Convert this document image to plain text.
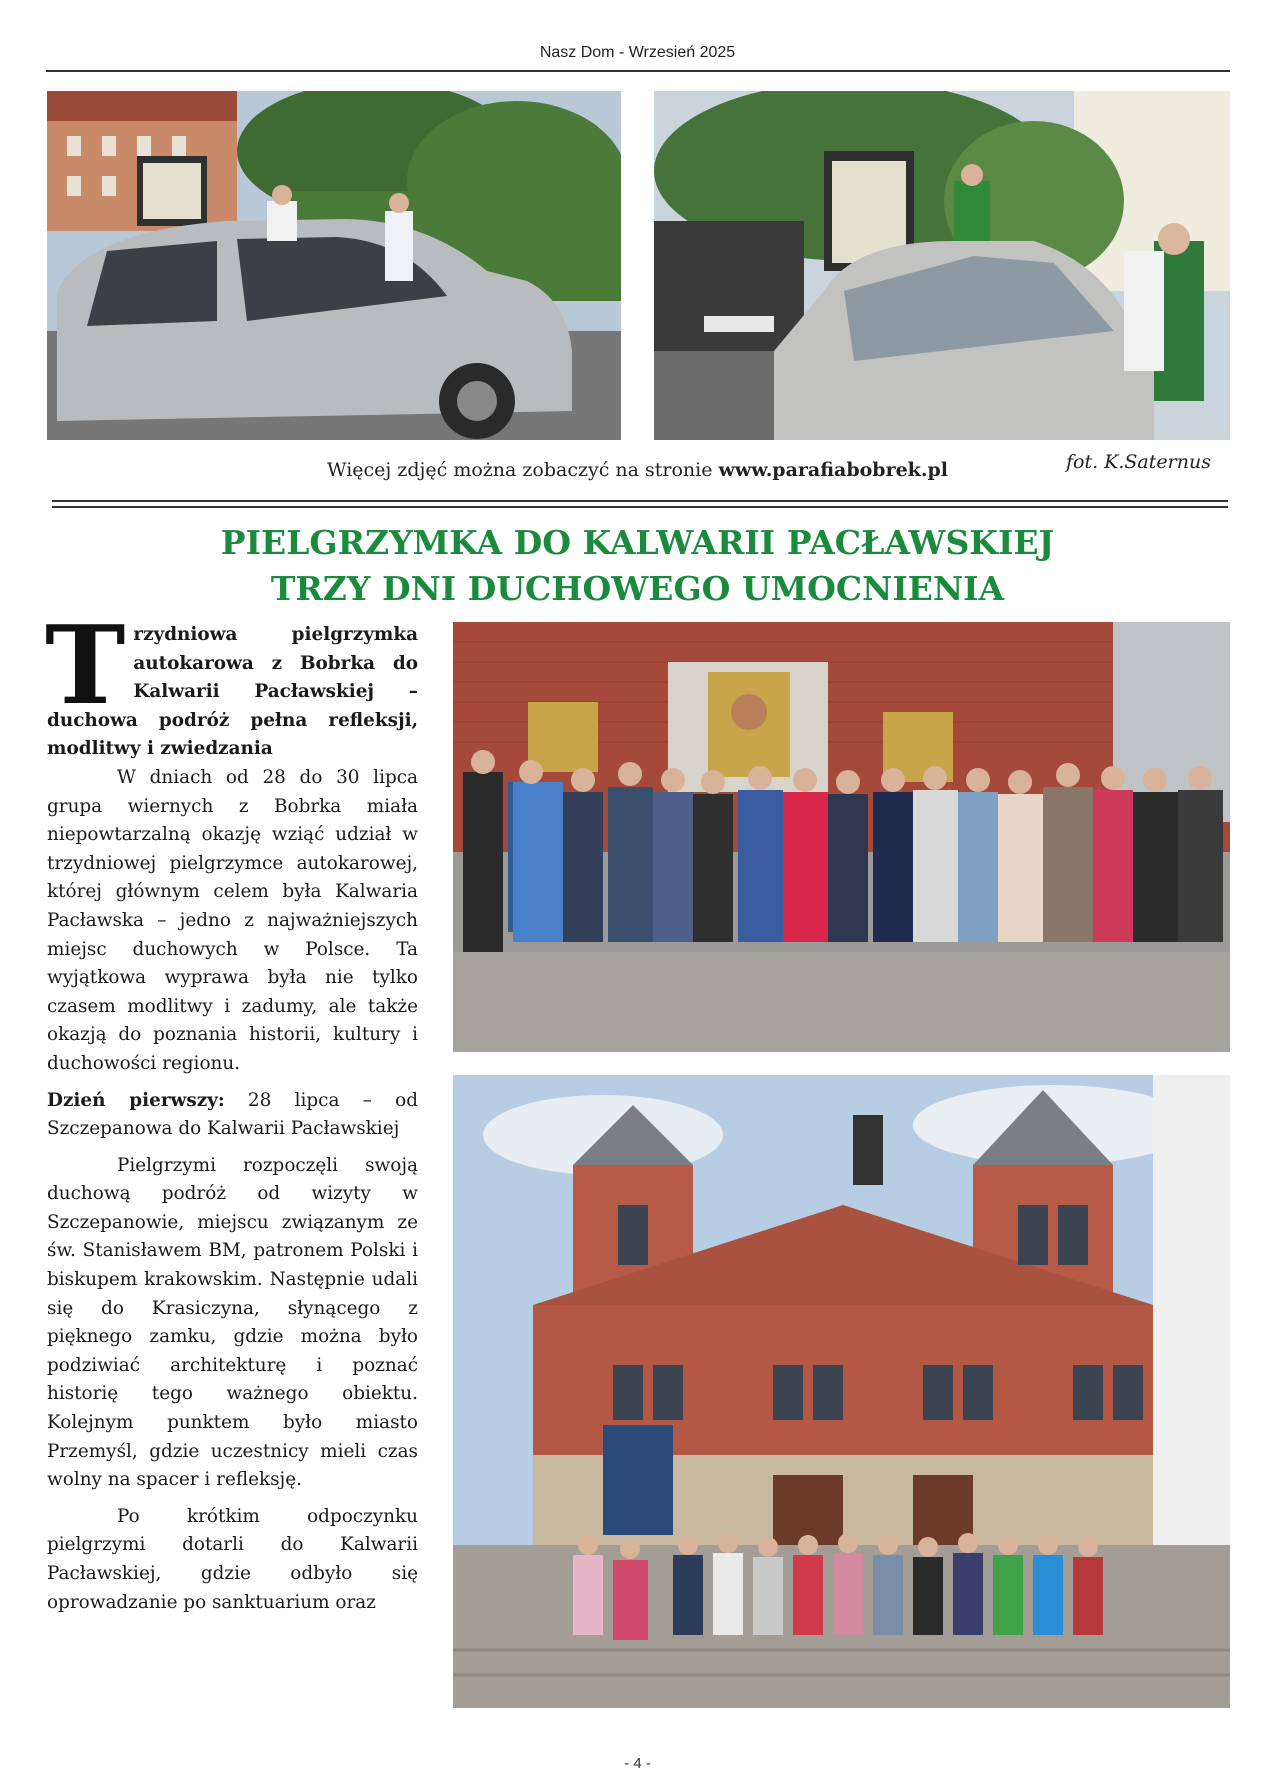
Nasz Dom - Wrzesień 2025
Więcej zdjęć można zobaczyć na stronie www.parafiabobrek.pl	fot. K.Saternus
PIELGRZYMKA DO KALWARII PACŁAWSKIEJ
TRZY DNI DUCHOWEGO UMOCNIENIA

Trzydniowa pielgrzymka autokarowa z Bobrka do Kalwarii Pacławskiej – duchowa podróż pełna refleksji, modlitwy i zwiedzania

W dniach od 28 do 30 lipca grupa wiernych z Bobrka miała niepowtarzalną okazję wziąć udział w trzydniowej pielgrzymce autokarowej, której głównym celem była Kalwaria Pacławska – jedno z najważniejszych miejsc duchowych w Polsce. Ta wyjątkowa wyprawa była nie tylko czasem modlitwy i zadumy, ale także okazją do poznania historii, kultury i duchowości regionu.

Dzień pierwszy: 28 lipca – od Szczepanowa do Kalwarii Pacławskiej

Pielgrzymi rozpoczęli swoją duchową podróż od wizyty w Szczepanowie, miejscu związanym ze św. Stanisławem BM, patronem Polski i biskupem krakowskim. Następnie udali się do Krasiczyna, słynącego z pięknego zamku, gdzie można było podziwiać architekturę i poznać historię tego ważnego obiektu. Kolejnym punktem było miasto Przemyśl, gdzie uczestnicy mieli czas wolny na spacer i refleksję.

Po krótkim odpoczynku pielgrzymi dotarli do Kalwarii Pacławskiej, gdzie odbyło się oprowadzanie po sanktuarium oraz

- 4 -
